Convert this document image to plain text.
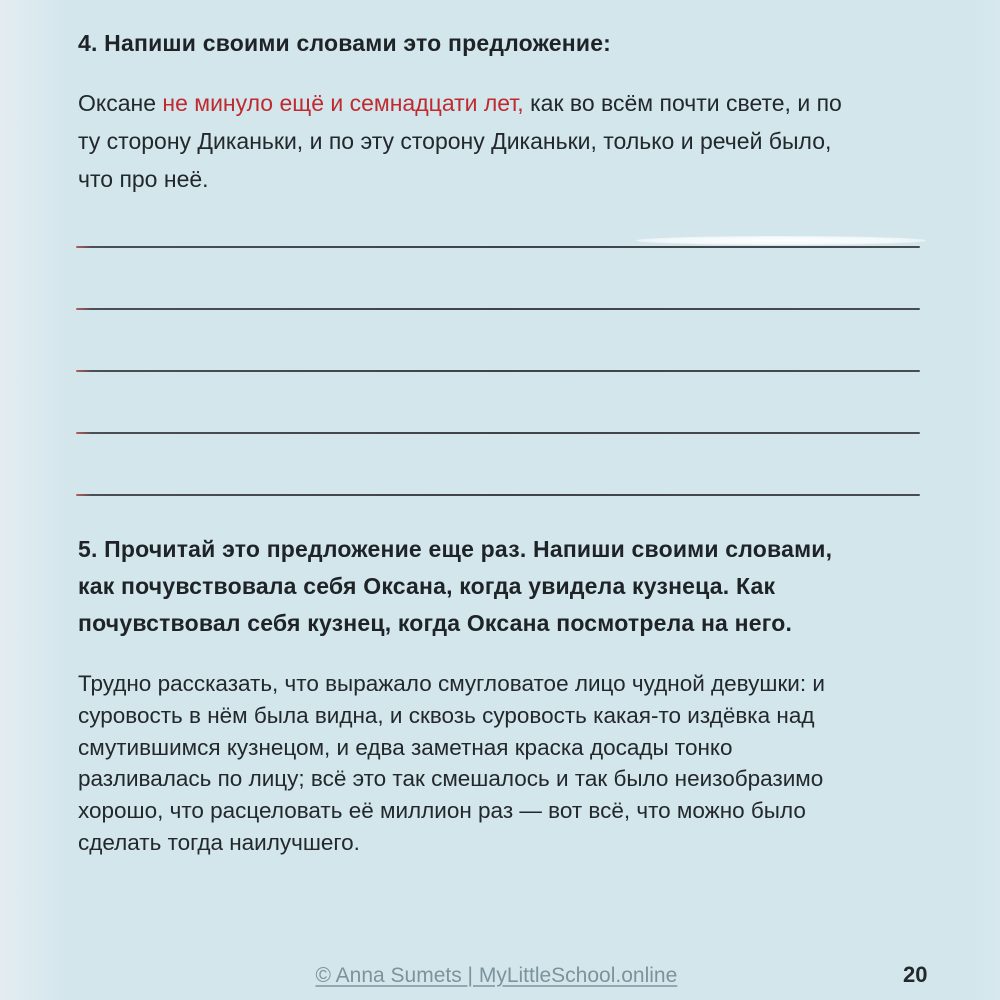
4. Напиши своими словами это предложение:
Оксане не минуло ещё и семнадцати лет, как во всём почти свете, и по
ту сторону Диканьки, и по эту сторону Диканьки, только и речей было,
что про неё.
5. Прочитай это предложение еще раз. Напиши своими словами,
как почувствовала себя Оксана, когда увидела кузнеца. Как
почувствовал себя кузнец, когда Оксана посмотрела на него.
Трудно рассказать, что выражало смугловатое лицо чудной девушки: и
суровость в нём была видна, и сквозь суровость какая-то издёвка над
смутившимся кузнецом, и едва заметная краска досады тонко
разливалась по лицу; всё это так смешалось и так было неизобразимо
хорошо, что расцеловать её миллион раз — вот всё, что можно было
сделать тогда наилучшего.
© Anna Sumets | MyLittleSchool.online	20
